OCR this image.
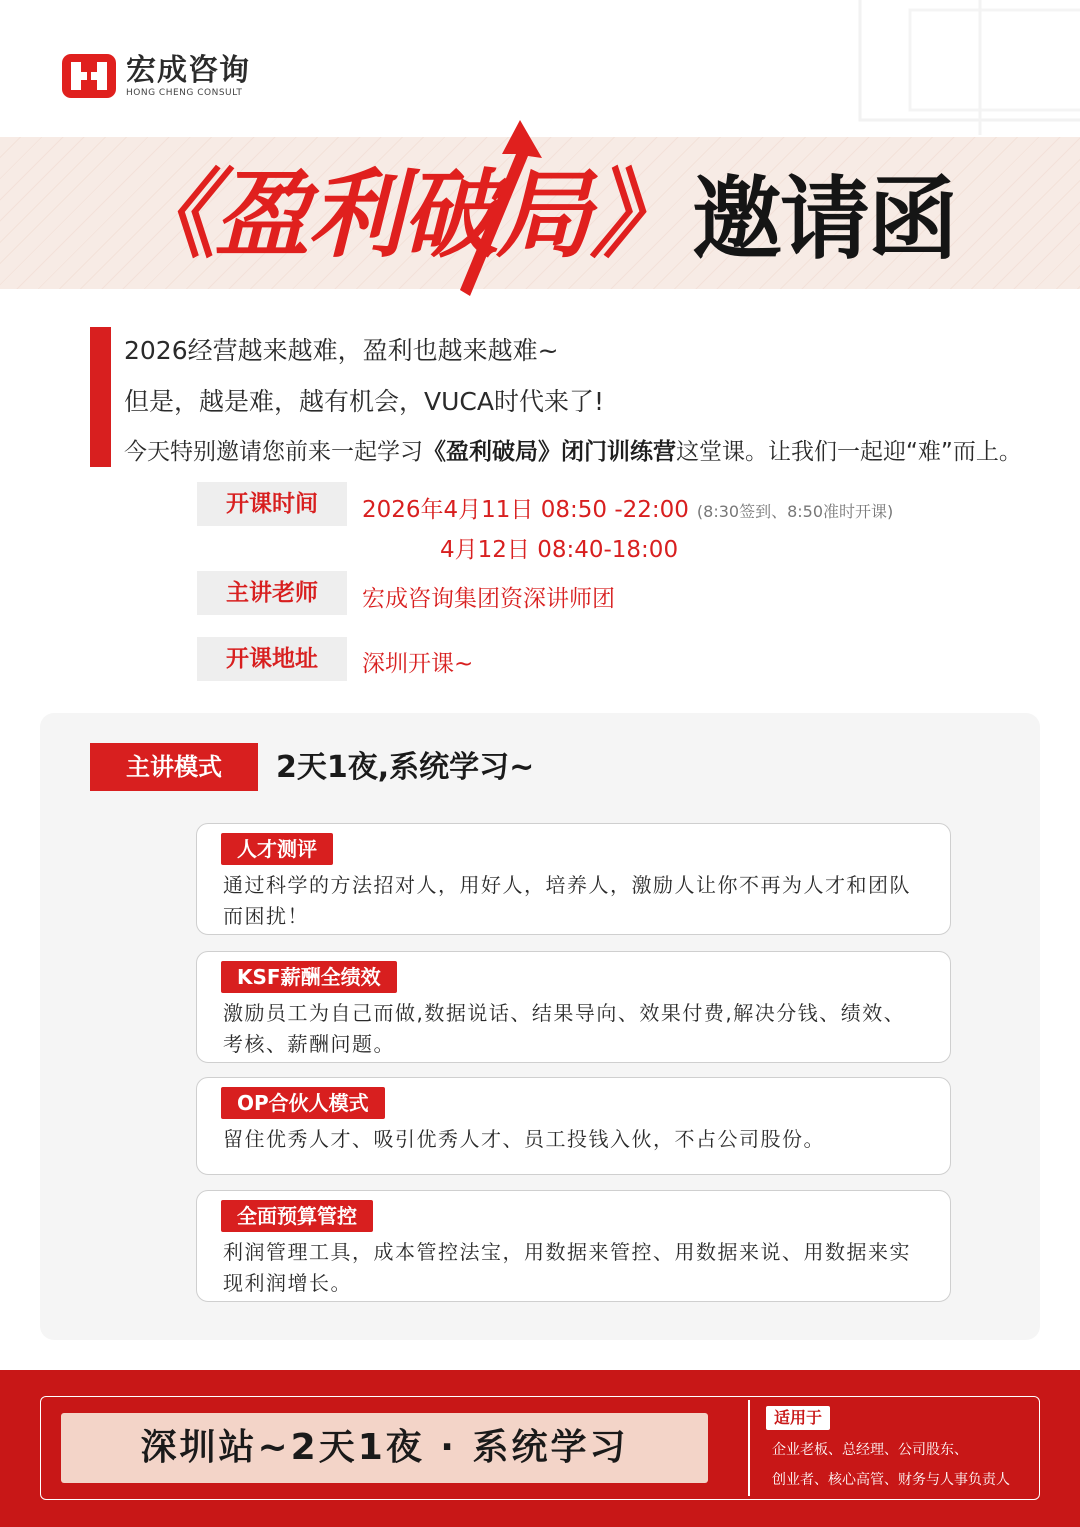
宏成咨询
HONG CHENG CONSULT
《盈利破局》 邀请函
2026经营越来越难，盈利也越来越难~
但是，越是难，越有机会，VUCA时代来了!
今天特别邀请您前来一起学习《盈利破局》闭门训练营这堂课。让我们一起迎“难”而上。
开课时间	2026年4月11日 08:50 -22:00 (8:30签到、8:50准时开课)
4月12日 08:40-18:00
主讲老师	宏成咨询集团资深讲师团
开课地址	深圳开课~
主讲模式	2天1夜,系统学习~
人才测评
通过科学的方法招对人，用好人，培养人，激励人让你不再为人才和团队而困扰！
KSF薪酬全绩效
激励员工为自己而做,数据说话、结果导向、效果付费,解决分钱、绩效、考核、薪酬问题。
OP合伙人模式
留住优秀人才、吸引优秀人才、员工投钱入伙，不占公司股份。
全面预算管控
利润管理工具，成本管控法宝，用数据来管控、用数据来说、用数据来实现利润增长。
深圳站~2天1夜 · 系统学习
适用于
企业老板、总经理、公司股东、
创业者、核心高管、财务与人事负责人
